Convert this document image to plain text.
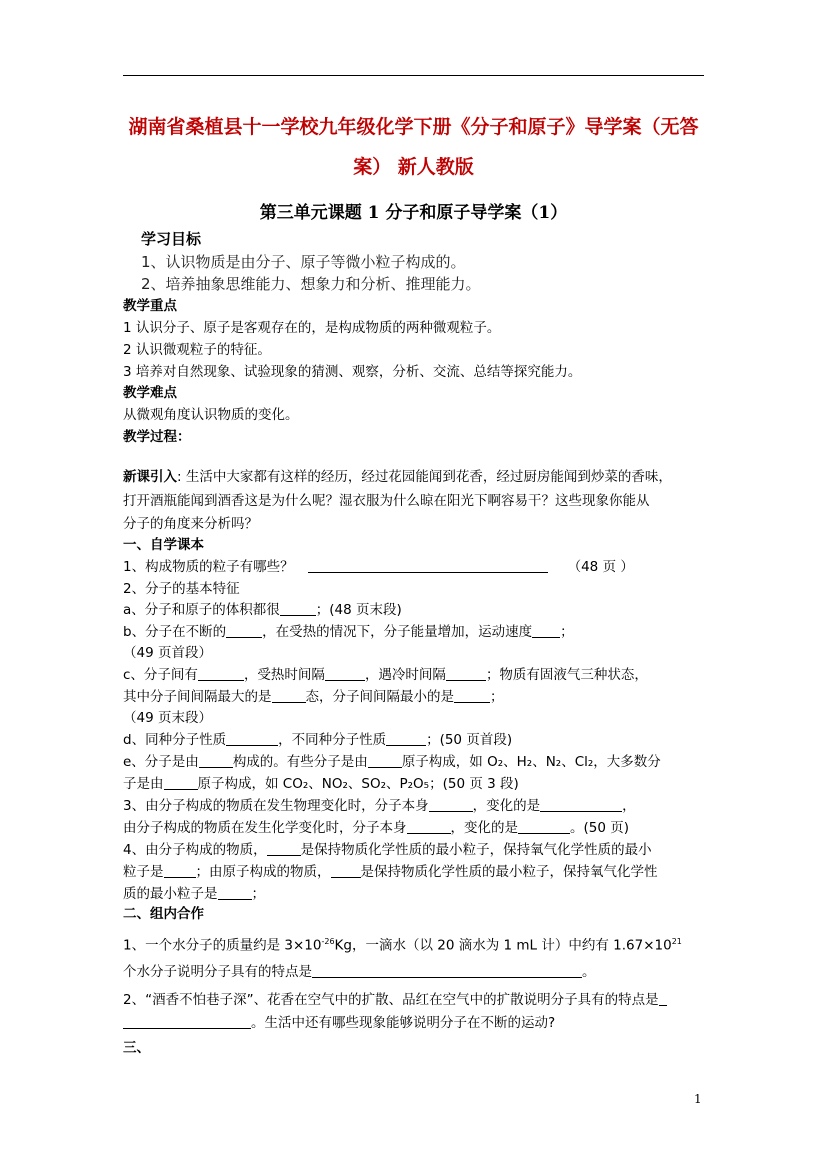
湖南省桑植县十一学校九年级化学下册《分子和原子》导学案（无答
案） 新人教版
第三单元课题 1 分子和原子导学案（1）
学习目标
1、认识物质是由分子、原子等微小粒子构成的。
2、培养抽象思维能力、想象力和分析、推理能力。
教学重点
1 认识分子、原子是客观存在的，是构成物质的两种微观粒子。
2 认识微观粒子的特征。
3 培养对自然现象、试验现象的猜测、观察，分析、交流、总结等探究能力。
教学难点
从微观角度认识物质的变化。
教学过程：
新课引入: 生活中大家都有这样的经历，经过花园能闻到花香，经过厨房能闻到炒菜的香味，
打开酒瓶能闻到酒香这是为什么呢？湿衣服为什么晾在阳光下啊容易干？这些现象你能从
分子的角度来分析吗？
一、自学课本
1、构成物质的粒子有哪些？	（48 页 ）
2、分子的基本特征
a、分子和原子的体积都很	；(48 页末段)
b、分子在不断的	，在受热的情况下，分子能量增加，运动速度 ；
（49 页首段）
c、分子间有	，受热时间隔	，遇冷时间隔	；物质有固液气三种状态，
其中分子间间隔最大的是	态，分子间间隔最小的是	；
（49 页末段）
d、同种分子性质	，不同种分子性质	；(50 页首段)
e、分子是由	构成的。有些分子是由	原子构成，如 O₂、H₂、N₂、Cl₂，大多数分
子是由	原子构成，如 CO₂、NO₂、SO₂、P₂O₅；(50 页 3 段)
3、由分子构成的物质在发生物理变化时，分子本身	，变化的是	，
由分子构成的物质在发生化学变化时，分子本身	，变化的是	。(50 页)
4、由分子构成的物质，	是保持物质化学性质的最小粒子，保持氧气化学性质的最小
粒子是 ；由原子构成的物质， 是保持物质化学性质的最小粒子，保持氧气化学性
质的最小粒子是	；
二、组内合作
1、一个水分子的质量约是 $3\times 10^{-26}Kg$，一滴水（以 20 滴水为 1 mL 计）中约有 $1.67\times 10^{21}$
个水分子说明分子具有的特点是	。
2、“酒香不怕巷子深”、花香在空气中的扩散、品红在空气中的扩散说明分子具有的特点是
。生活中还有哪些现象能够说明分子在不断的运动?
三、
1
